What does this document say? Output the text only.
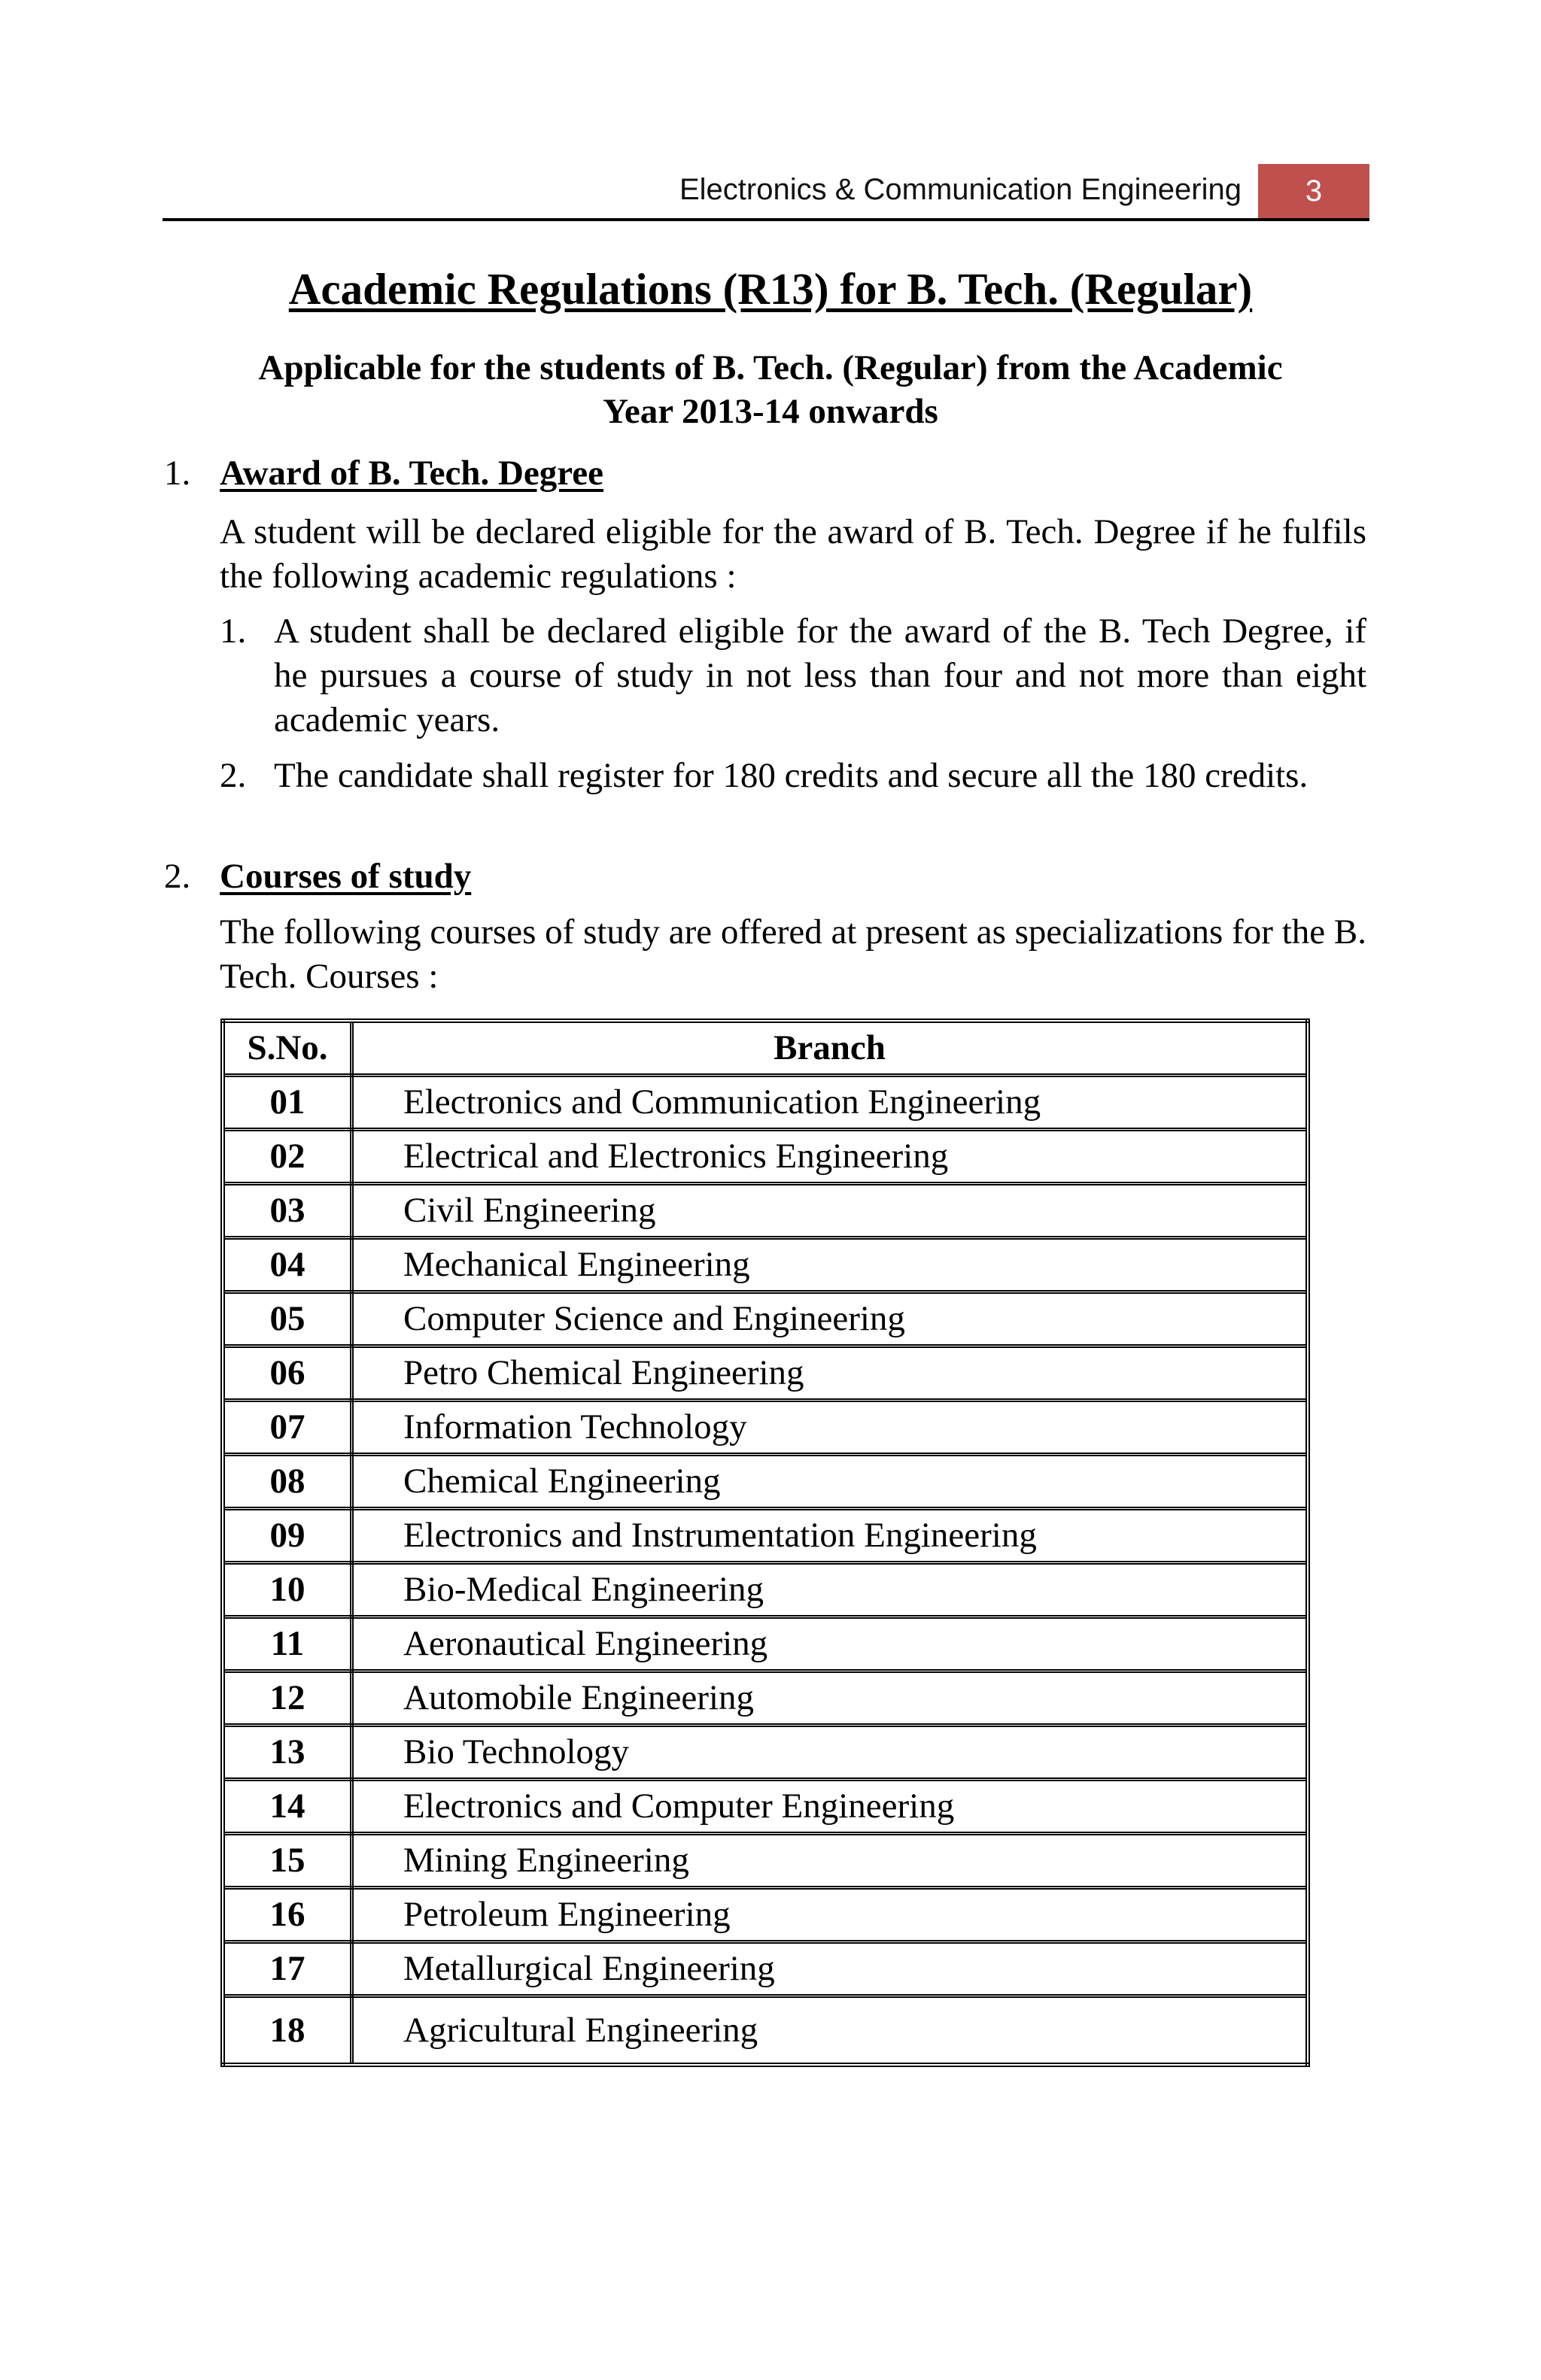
Electronics & Communication Engineering	3
Academic Regulations (R13) for B. Tech. (Regular)
Applicable for the students of B. Tech. (Regular) from the Academic
Year 2013-14 onwards
1. Award of B. Tech. Degree
A student will be declared eligible for the award of B. Tech. Degree if he fulfils the following academic regulations :
1. A student shall be declared eligible for the award of the B. Tech Degree, if he pursues a course of study in not less than four and not more than eight academic years.
2. The candidate shall register for 180 credits and secure all the 180 credits.
2. Courses of study
The following courses of study are offered at present as specializations for the B. Tech. Courses :
S.No.	Branch
01	Electronics and Communication Engineering
02	Electrical and Electronics Engineering
03	Civil Engineering
04	Mechanical Engineering
05	Computer Science and Engineering
06	Petro Chemical Engineering
07	Information Technology
08	Chemical Engineering
09	Electronics and Instrumentation Engineering
10	Bio-Medical Engineering
11	Aeronautical Engineering
12	Automobile Engineering
13	Bio Technology
14	Electronics and Computer Engineering
15	Mining Engineering
16	Petroleum Engineering
17	Metallurgical Engineering
18	Agricultural Engineering
